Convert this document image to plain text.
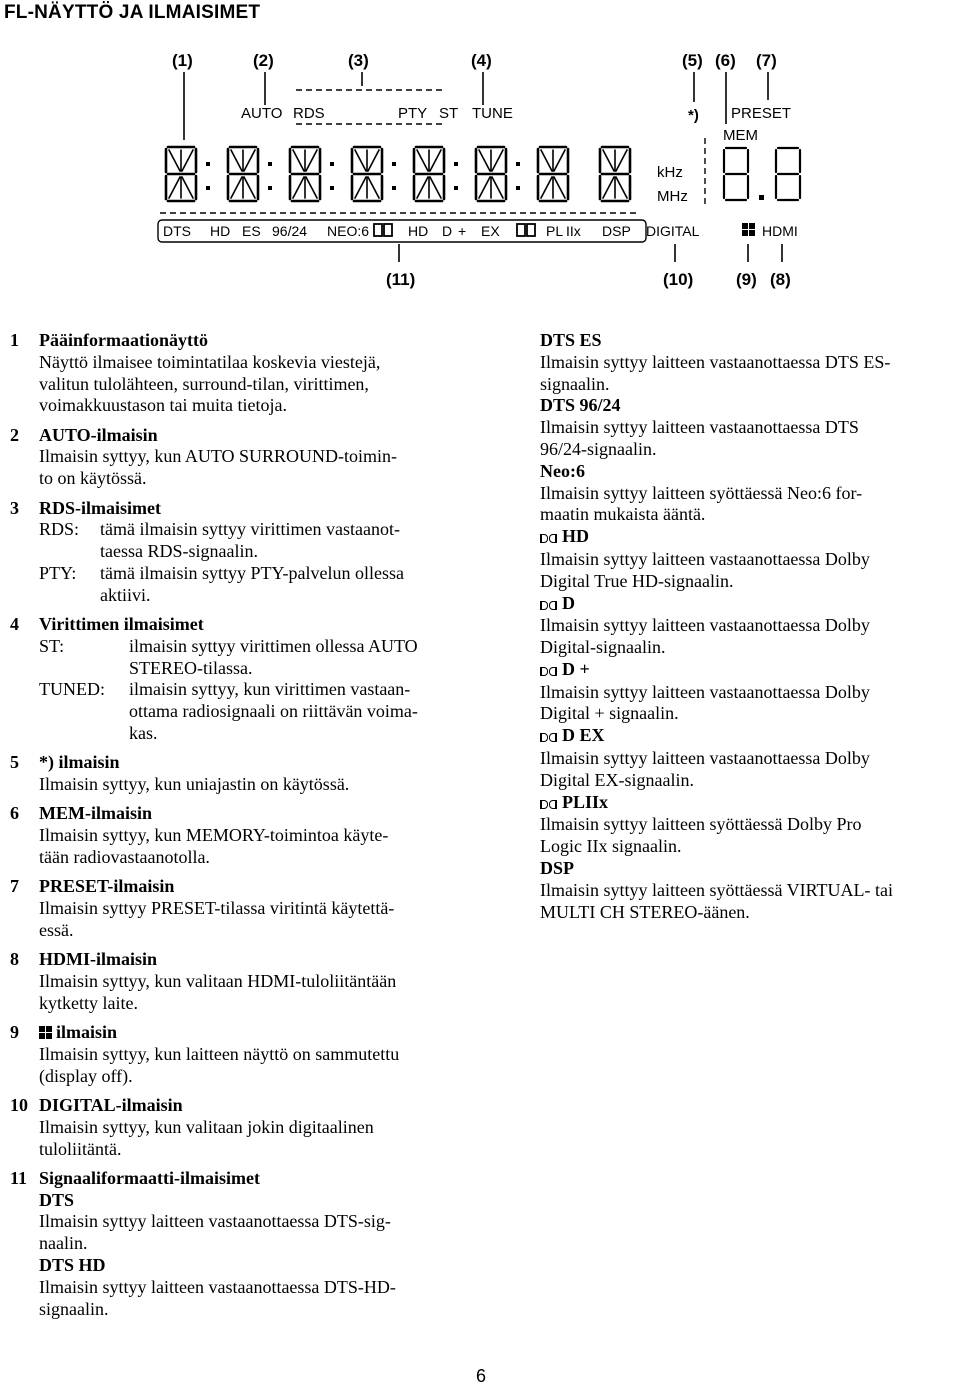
FL-NÄYTTÖ JA ILMAISIMET
(1)	(2)	(3)	(4)	(5) (6) (7)
(11)	(10)	(9) (8)
AUTO RDS	PTY ST TUNE	PRESET
MEM
*)
kHz
MHz
DTS HD ES 96/24 NEO:6	HD D + EX	PL IIx DSP DIGITAL	HDMI
1 Pääinformaationäyttö
Näyttö ilmaisee toimintatilaa koskevia viestejä,
valitun tulolähteen, surround-tilan, virittimen,
voimakkuustason tai muita tietoja.
2 AUTO-ilmaisin
Ilmaisin syttyy, kun AUTO SURROUND-toimin-
to on käytössä.
3 RDS-ilmaisimet
RDS: tämä ilmaisin syttyy virittimen vastaanot-
taessa RDS-signaalin.
PTY: tämä ilmaisin syttyy PTY-palvelun ollessa
aktiivi.
4 Virittimen ilmaisimet
ST:	ilmaisin syttyy virittimen ollessa AUTO
STEREO-tilassa.
TUNED: ilmaisin syttyy, kun virittimen vastaan-
ottama radiosignaali on riittävän voima-
kas.
5 *) ilmaisin
Ilmaisin syttyy, kun uniajastin on käytössä.
6 MEM-ilmaisin
Ilmaisin syttyy, kun MEMORY-toimintoa käyte-
tään radiovastaanotolla.
7 PRESET-ilmaisin
Ilmaisin syttyy PRESET-tilassa viritintä käytettä-
essä.
8 HDMI-ilmaisin
Ilmaisin syttyy, kun valitaan HDMI-tuloliitäntään
kytketty laite.
9	ilmaisin
Ilmaisin syttyy, kun laitteen näyttö on sammutettu
(display off).
10 DIGITAL-ilmaisin
Ilmaisin syttyy, kun valitaan jokin digitaalinen
tuloliitäntä.
11 Signaaliformaatti-ilmaisimet
DTS
Ilmaisin syttyy laitteen vastaanottaessa DTS-sig-
naalin.
DTS HD
Ilmaisin syttyy laitteen vastaanottaessa DTS-HD-
signaalin.
DTS ES
Ilmaisin syttyy laitteen vastaanottaessa DTS ES-
signaalin.
DTS 96/24
Ilmaisin syttyy laitteen vastaanottaessa DTS
96/24-signaalin.
Neo:6
Ilmaisin syttyy laitteen syöttäessä Neo:6 for-
maatin mukaista ääntä.
HD
Ilmaisin syttyy laitteen vastaanottaessa Dolby
Digital True HD-signaalin.
D
Ilmaisin syttyy laitteen vastaanottaessa Dolby
Digital-signaalin.
D +
Ilmaisin syttyy laitteen vastaanottaessa Dolby
Digital + signaalin.
D EX
Ilmaisin syttyy laitteen vastaanottaessa Dolby
Digital EX-signaalin.
PLIIx
Ilmaisin syttyy laitteen syöttäessä Dolby Pro
Logic IIx signaalin.
DSP
Ilmaisin syttyy laitteen syöttäessä VIRTUAL- tai
MULTI CH STEREO-äänen.
6
